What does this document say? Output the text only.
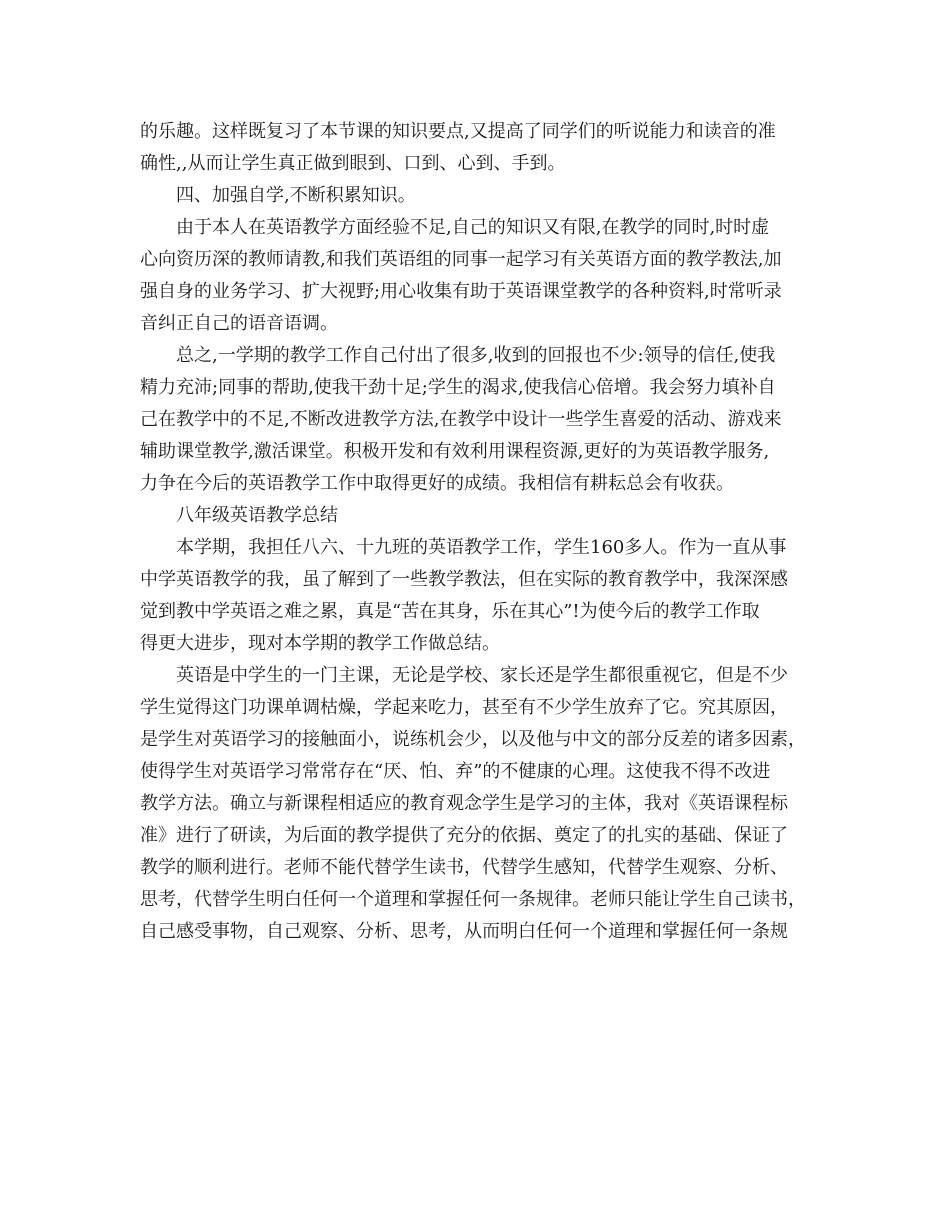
的乐趣。这样既复习了本节课的知识要点,又提高了同学们的听说能力和读音的准
确性,,从而让学生真正做到眼到、口到、心到、手到。
四、加强自学,不断积累知识。
由于本人在英语教学方面经验不足,自己的知识又有限,在教学的同时,时时虚
心向资历深的教师请教,和我们英语组的同事一起学习有关英语方面的教学教法,加
强自身的业务学习、扩大视野;用心收集有助于英语课堂教学的各种资料,时常听录
音纠正自己的语音语调。
总之,一学期的教学工作自己付出了很多,收到的回报也不少:领导的信任,使我
精力充沛;同事的帮助,使我干劲十足;学生的渴求,使我信心倍增。我会努力填补自
己在教学中的不足,不断改进教学方法,在教学中设计一些学生喜爱的活动、游戏来
辅助课堂教学,激活课堂。积极开发和有效利用课程资源,更好的为英语教学服务,
力争在今后的英语教学工作中取得更好的成绩。我相信有耕耘总会有收获。
八年级英语教学总结
本学期，我担任八六、十九班的英语教学工作，学生160多人。作为一直从事
中学英语教学的我，虽了解到了一些教学教法，但在实际的教育教学中，我深深感
觉到教中学英语之难之累，真是“苦在其身，乐在其心”!为使今后的教学工作取
得更大进步，现对本学期的教学工作做总结。
英语是中学生的一门主课，无论是学校、家长还是学生都很重视它，但是不少
学生觉得这门功课单调枯燥，学起来吃力，甚至有不少学生放弃了它。究其原因，
是学生对英语学习的接触面小，说练机会少，以及他与中文的部分反差的诸多因素，
使得学生对英语学习常常存在“厌、怕、弃”的不健康的心理。这使我不得不改进
教学方法。确立与新课程相适应的教育观念学生是学习的主体，我对《英语课程标
准》进行了研读，为后面的教学提供了充分的依据、奠定了的扎实的基础、保证了
教学的顺利进行。老师不能代替学生读书，代替学生感知，代替学生观察、分析、
思考，代替学生明白任何一个道理和掌握任何一条规律。老师只能让学生自己读书，
自己感受事物，自己观察、分析、思考，从而明白任何一个道理和掌握任何一条规
